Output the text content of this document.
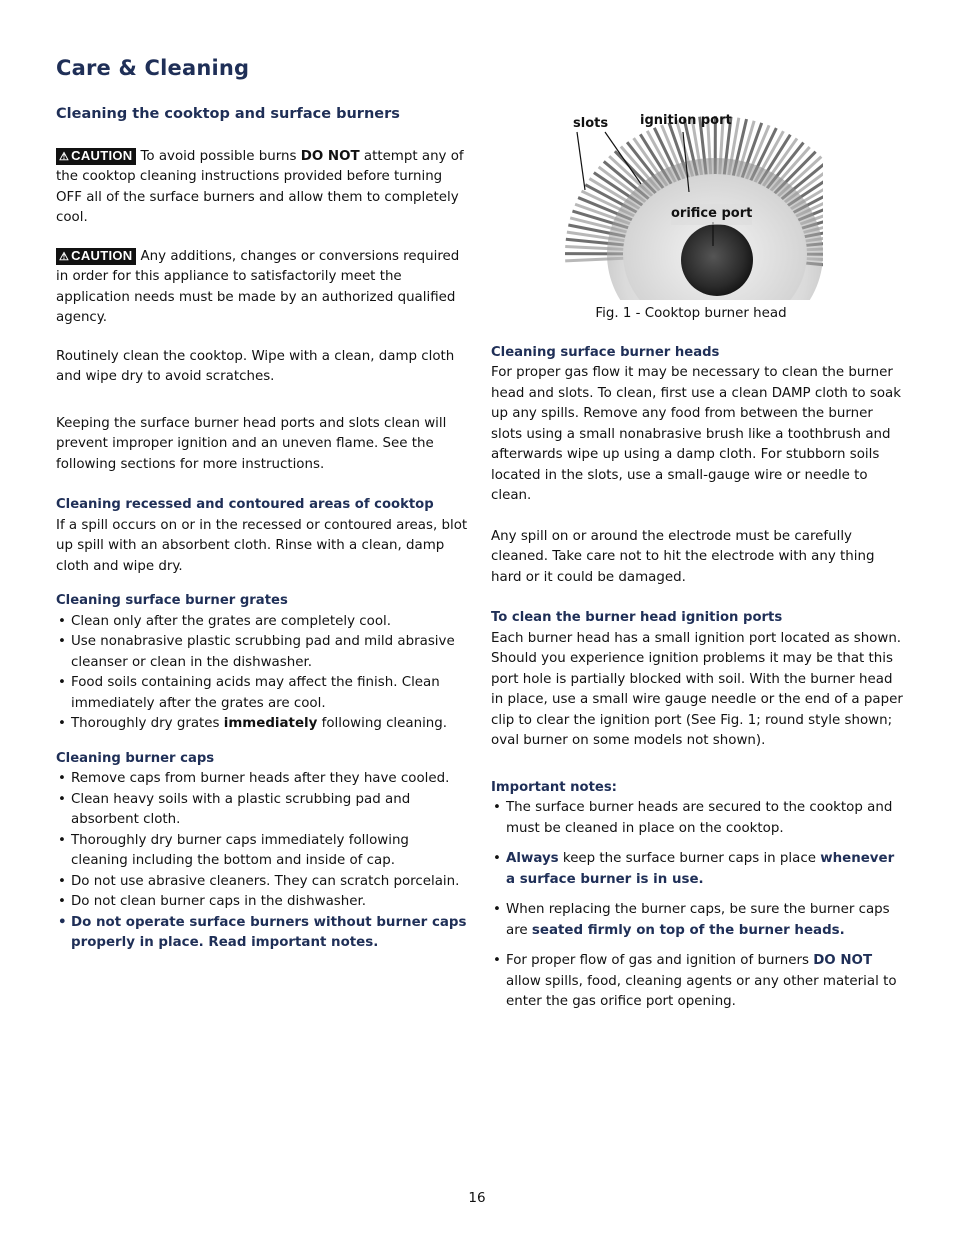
Care & Cleaning
Cleaning the cooktop and surface burners

⚠ CAUTION To avoid possible burns DO NOT attempt any of the cooktop cleaning instructions provided before turning OFF all of the surface burners and allow them to completely cool.

⚠ CAUTION Any additions, changes or conversions required in order for this appliance to satisfactorily meet the application needs must be made by an authorized qualified agency.

Routinely clean the cooktop. Wipe with a clean, damp cloth and wipe dry to avoid scratches.

Keeping the surface burner head ports and slots clean will prevent improper ignition and an uneven flame. See the following sections for more instructions.

Cleaning recessed and contoured areas of cooktop

If a spill occurs on or in the recessed or contoured areas, blot up spill with an absorbent cloth. Rinse with a clean, damp cloth and wipe dry.

Cleaning surface burner grates

• Clean only after the grates are completely cool.
• Use nonabrasive plastic scrubbing pad and mild abrasive cleanser or clean in the dishwasher.
• Food soils containing acids may affect the finish. Clean immediately after the grates are cool.
• Thoroughly dry grates immediately following cleaning.

Cleaning burner caps

• Remove caps from burner heads after they have cooled.
• Clean heavy soils with a plastic scrubbing pad and absorbent cloth.
• Thoroughly dry burner caps immediately following cleaning including the bottom and inside of cap.
• Do not use abrasive cleaners. They can scratch porcelain.
• Do not clean burner caps in the dishwasher.
• Do not operate surface burners without burner caps properly in place. Read important notes.
slots ignition port
orifice port

Fig. 1 - Cooktop burner head

Cleaning surface burner heads

For proper gas flow it may be necessary to clean the burner head and slots. To clean, first use a clean DAMP cloth to soak up any spills. Remove any food from between the burner slots using a small nonabrasive brush like a toothbrush and afterwards wipe up using a damp cloth. For stubborn soils located in the slots, use a small-gauge wire or needle to clean.

Any spill on or around the electrode must be carefully cleaned. Take care not to hit the electrode with any thing hard or it could be damaged.

To clean the burner head ignition ports

Each burner head has a small ignition port located as shown. Should you experience ignition problems it may be that this port hole is partially blocked with soil. With the burner head in place, use a small wire gauge needle or the end of a paper clip to clear the ignition port (See Fig. 1; round style shown; oval burner on some models not shown).

Important notes:

• The surface burner heads are secured to the cooktop and must be cleaned in place on the cooktop.
• Always keep the surface burner caps in place whenever a surface burner is in use.
• When replacing the burner caps, be sure the burner caps are seated firmly on top of the burner heads.
• For proper flow of gas and ignition of burners DO NOT allow spills, food, cleaning agents or any other material to enter the gas orifice port opening.
16
